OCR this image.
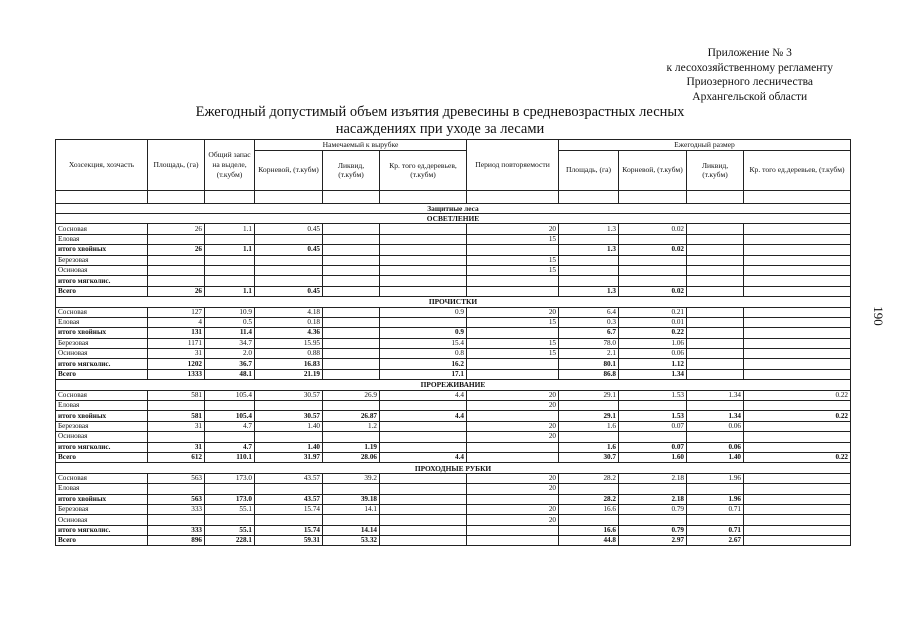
Приложение № 3
к лесохозяйственному регламенту
Приозерного лесничества
Архангельской области
Ежегодный допустимый объем изъятия древесины в средневозрастных лесных
насаждениях при уходе за лесами
190
Хозсекция, хозчасть	Площадь, (га)	Общий запас на выделе, (т.кубм)	Намечаемый к вырубке			Период повторяемости	Ежегодный размер			
			Корневой, (т.кубм)	Ликвид, (т.кубм)	Кр. того ед.деревьев, (т.кубм)		Площадь, (га)	Корневой, (т.кубм)	Ликвид, (т.кубм)	Кр. того ед.деревьев, (т.кубм)

Защитные леса										
ОСВЕТЛЕНИЕ										
Сосновая	26	1.1	0.45			20	1.3	0.02		
Еловая						15				
итого хвойных	26	1.1	0.45				1.3	0.02		
Березовая						15				
Осиновая						15				
итого мягколис.										
Всего	26	1.1	0.45				1.3	0.02		
ПРОЧИСТКИ										
Сосновая	127	10.9	4.18		0.9	20	6.4	0.21		
Еловая	4	0.5	0.18			15	0.3	0.01		
итого хвойных	131	11.4	4.36		0.9		6.7	0.22		
Березовая	1171	34.7	15.95		15.4	15	78.0	1.06		
Осиновая	31	2.0	0.88		0.8	15	2.1	0.06		
итого мягколис.	1202	36.7	16.83		16.2		80.1	1.12		
Всего	1333	48.1	21.19		17.1		86.8	1.34		
ПРОРЕЖИВАНИЕ										
Сосновая	581	105.4	30.57	26.9	4.4	20	29.1	1.53	1.34	0.22
Еловая						20				
итого хвойных	581	105.4	30.57	26.87	4.4		29.1	1.53	1.34	0.22
Березовая	31	4.7	1.40	1.2		20	1.6	0.07	0.06	
Осиновая						20				
итого мягколис.	31	4.7	1.40	1.19			1.6	0.07	0.06	
Всего	612	110.1	31.97	28.06	4.4		30.7	1.60	1.40	0.22
ПРОХОДНЫЕ РУБКИ										
Сосновая	563	173.0	43.57	39.2		20	28.2	2.18	1.96	
Еловая						20				
итого хвойных	563	173.0	43.57	39.18			28.2	2.18	1.96	
Березовая	333	55.1	15.74	14.1		20	16.6	0.79	0.71	
Осиновая						20				
итого мягколис.	333	55.1	15.74	14.14			16.6	0.79	0.71	
Всего	896	228.1	59.31	53.32			44.8	2.97	2.67	
